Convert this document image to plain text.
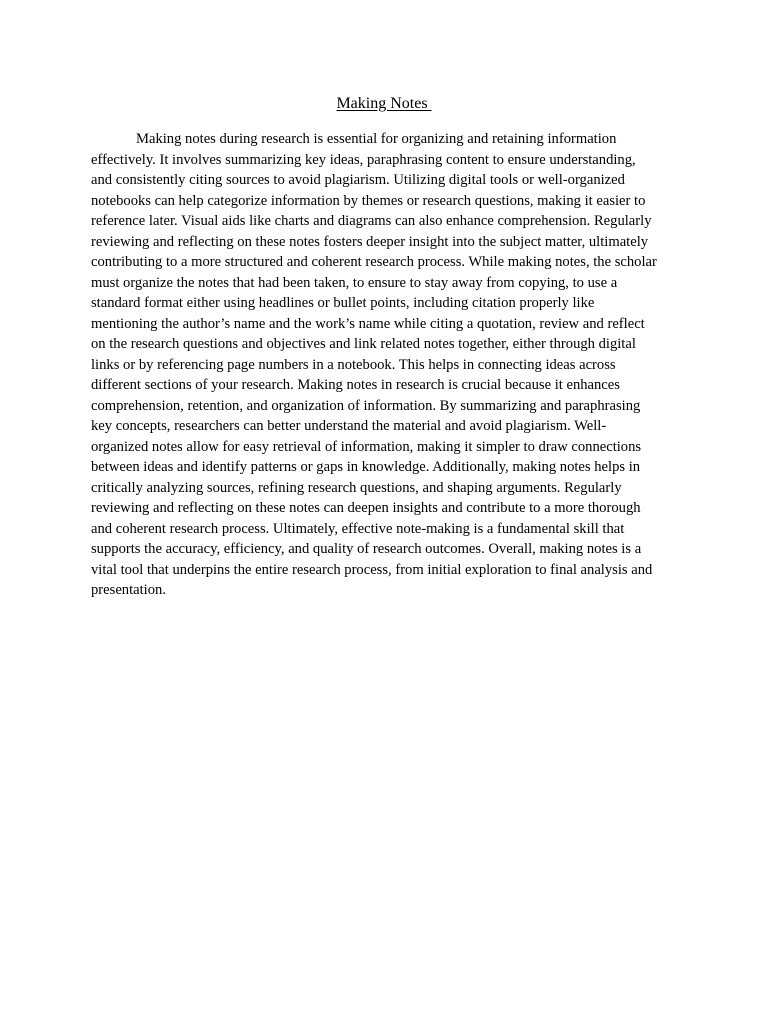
Making Notes

Making notes during research is essential for organizing and retaining information
effectively. It involves summarizing key ideas, paraphrasing content to ensure understanding,
and consistently citing sources to avoid plagiarism. Utilizing digital tools or well-organized
notebooks can help categorize information by themes or research questions, making it easier to
reference later. Visual aids like charts and diagrams can also enhance comprehension. Regularly
reviewing and reflecting on these notes fosters deeper insight into the subject matter, ultimately
contributing to a more structured and coherent research process. While making notes, the scholar
must organize the notes that had been taken, to ensure to stay away from copying, to use a
standard format either using headlines or bullet points, including citation properly like
mentioning the author’s name and the work’s name while citing a quotation, review and reflect
on the research questions and objectives and link related notes together, either through digital
links or by referencing page numbers in a notebook. This helps in connecting ideas across
different sections of your research. Making notes in research is crucial because it enhances
comprehension, retention, and organization of information. By summarizing and paraphrasing
key concepts, researchers can better understand the material and avoid plagiarism. Well-
organized notes allow for easy retrieval of information, making it simpler to draw connections
between ideas and identify patterns or gaps in knowledge. Additionally, making notes helps in
critically analyzing sources, refining research questions, and shaping arguments. Regularly
reviewing and reflecting on these notes can deepen insights and contribute to a more thorough
and coherent research process. Ultimately, effective note-making is a fundamental skill that
supports the accuracy, efficiency, and quality of research outcomes. Overall, making notes is a
vital tool that underpins the entire research process, from initial exploration to final analysis and
presentation.
